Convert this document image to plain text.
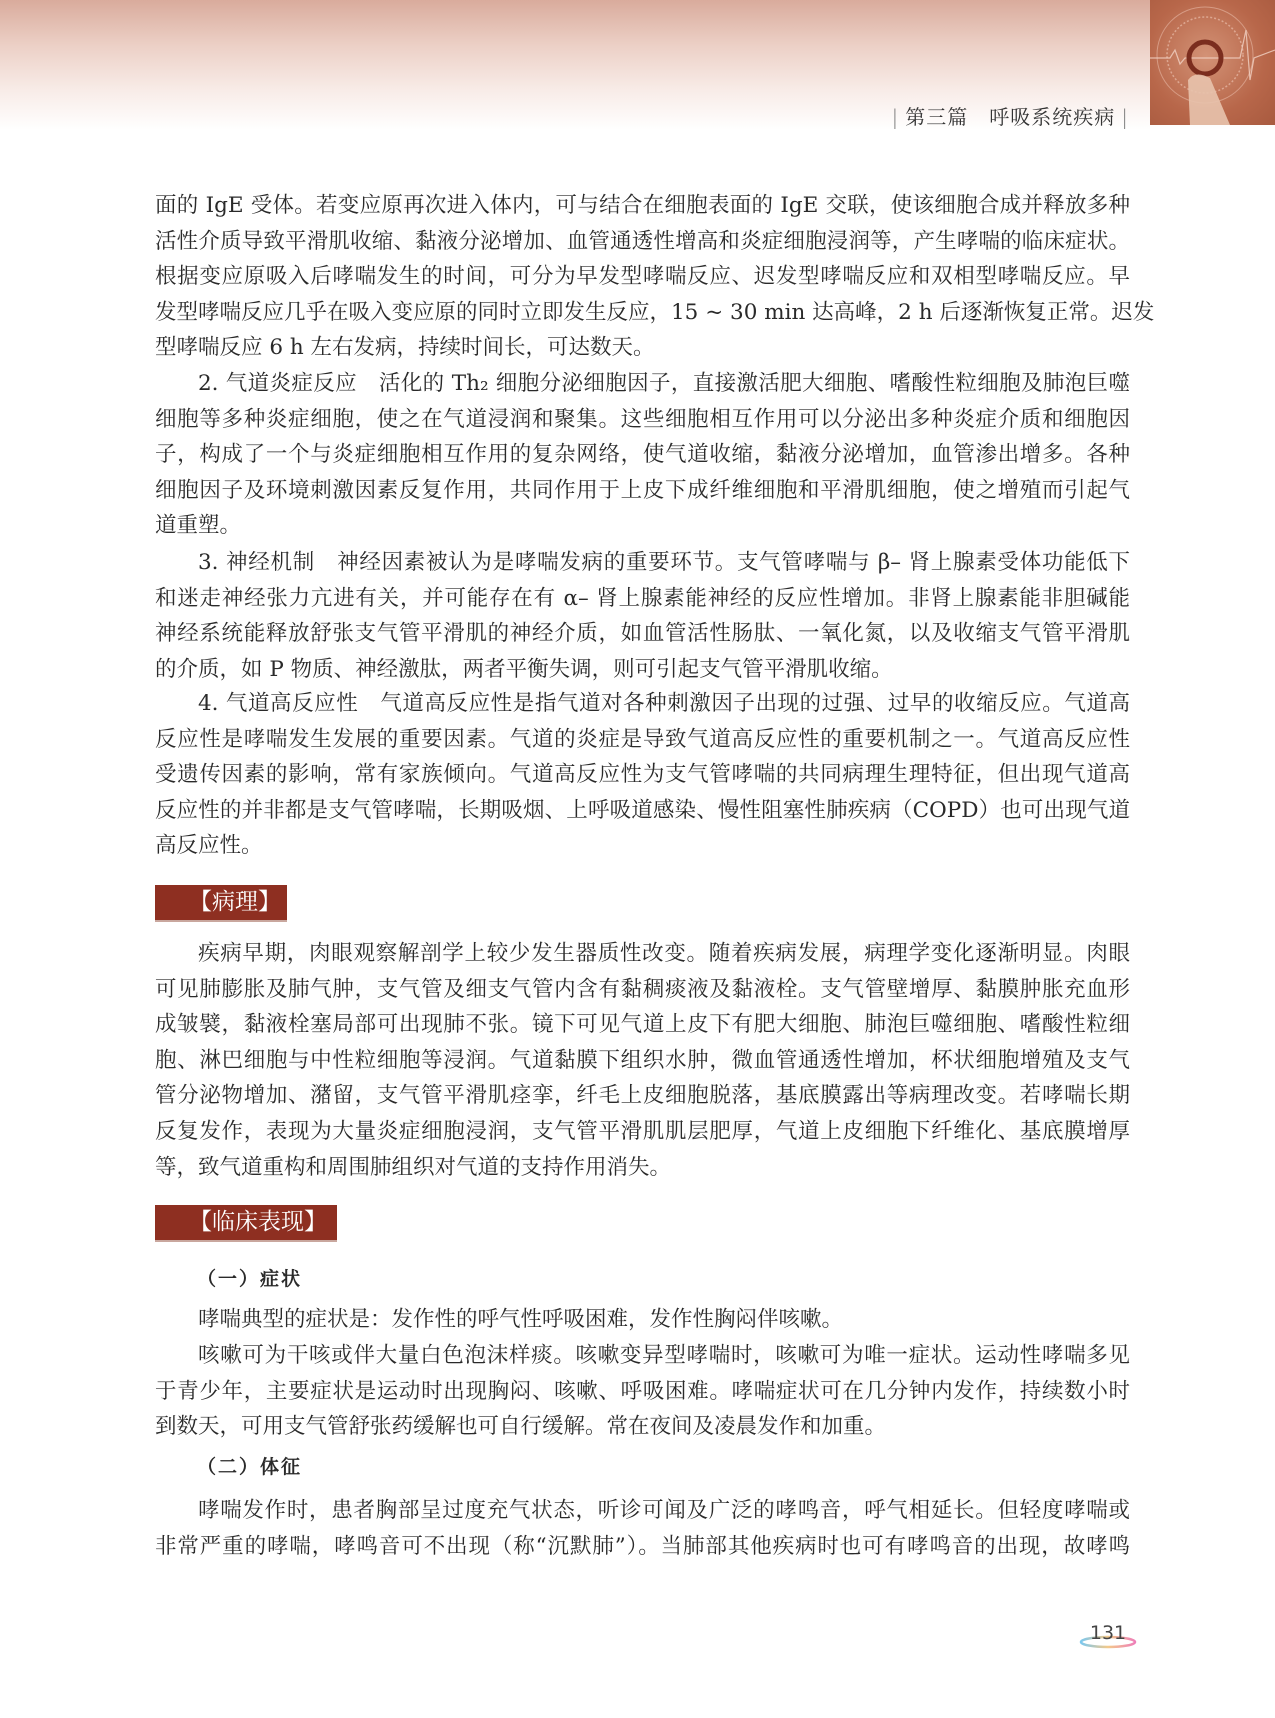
| 第三篇　 呼吸系统疾病 |
面的 IgE 受体。若变应原再次进入体内，可与结合在细胞表面的 IgE 交联，使该细胞合成并释放多种
活性介质导致平滑肌收缩、黏液分泌增加、血管通透性增高和炎症细胞浸润等，产生哮喘的临床症状。
根据变应原吸入后哮喘发生的时间，可分为早发型哮喘反应、迟发型哮喘反应和双相型哮喘反应。早
发型哮喘反应几乎在吸入变应原的同时立即发生反应，15 ~ 30 min 达高峰，2 h 后逐渐恢复正常。迟发
型哮喘反应 6 h 左右发病，持续时间长，可达数天。
2. 气道炎症反应　活化的 Th₂ 细胞分泌细胞因子，直接激活肥大细胞、嗜酸性粒细胞及肺泡巨噬
细胞等多种炎症细胞，使之在气道浸润和聚集。这些细胞相互作用可以分泌出多种炎症介质和细胞因
子，构成了一个与炎症细胞相互作用的复杂网络，使气道收缩，黏液分泌增加，血管渗出增多。各种
细胞因子及环境刺激因素反复作用，共同作用于上皮下成纤维细胞和平滑肌细胞，使之增殖而引起气
道重塑。
3. 神经机制　神经因素被认为是哮喘发病的重要环节。支气管哮喘与 β– 肾上腺素受体功能低下
和迷走神经张力亢进有关，并可能存在有 α– 肾上腺素能神经的反应性增加。非肾上腺素能非胆碱能
神经系统能释放舒张支气管平滑肌的神经介质，如血管活性肠肽、一氧化氮，以及收缩支气管平滑肌
的介质，如 P 物质、神经激肽，两者平衡失调，则可引起支气管平滑肌收缩。
4. 气道高反应性　气道高反应性是指气道对各种刺激因子出现的过强、过早的收缩反应。气道高
反应性是哮喘发生发展的重要因素。气道的炎症是导致气道高反应性的重要机制之一。气道高反应性
受遗传因素的影响，常有家族倾向。气道高反应性为支气管哮喘的共同病理生理特征，但出现气道高
反应性的并非都是支气管哮喘，长期吸烟、上呼吸道感染、慢性阻塞性肺疾病（COPD）也可出现气道
高反应性。
【病理】
疾病早期，肉眼观察解剖学上较少发生器质性改变。随着疾病发展，病理学变化逐渐明显。肉眼
可见肺膨胀及肺气肿，支气管及细支气管内含有黏稠痰液及黏液栓。支气管壁增厚、黏膜肿胀充血形
成皱襞，黏液栓塞局部可出现肺不张。镜下可见气道上皮下有肥大细胞、肺泡巨噬细胞、嗜酸性粒细
胞、淋巴细胞与中性粒细胞等浸润。气道黏膜下组织水肿，微血管通透性增加，杯状细胞增殖及支气
管分泌物增加、潴留，支气管平滑肌痉挛，纤毛上皮细胞脱落，基底膜露出等病理改变。若哮喘长期
反复发作，表现为大量炎症细胞浸润，支气管平滑肌肌层肥厚，气道上皮细胞下纤维化、基底膜增厚
等，致气道重构和周围肺组织对气道的支持作用消失。
【临床表现】
（一）症状
哮喘典型的症状是：发作性的呼气性呼吸困难，发作性胸闷伴咳嗽。
咳嗽可为干咳或伴大量白色泡沫样痰。咳嗽变异型哮喘时，咳嗽可为唯一症状。运动性哮喘多见
于青少年，主要症状是运动时出现胸闷、咳嗽、呼吸困难。哮喘症状可在几分钟内发作，持续数小时
到数天，可用支气管舒张药缓解也可自行缓解。常在夜间及凌晨发作和加重。
（二）体征
哮喘发作时，患者胸部呈过度充气状态，听诊可闻及广泛的哮鸣音，呼气相延长。但轻度哮喘或
非常严重的哮喘，哮鸣音可不出现（称“沉默肺”）。当肺部其他疾病时也可有哮鸣音的出现，故哮鸣
131
